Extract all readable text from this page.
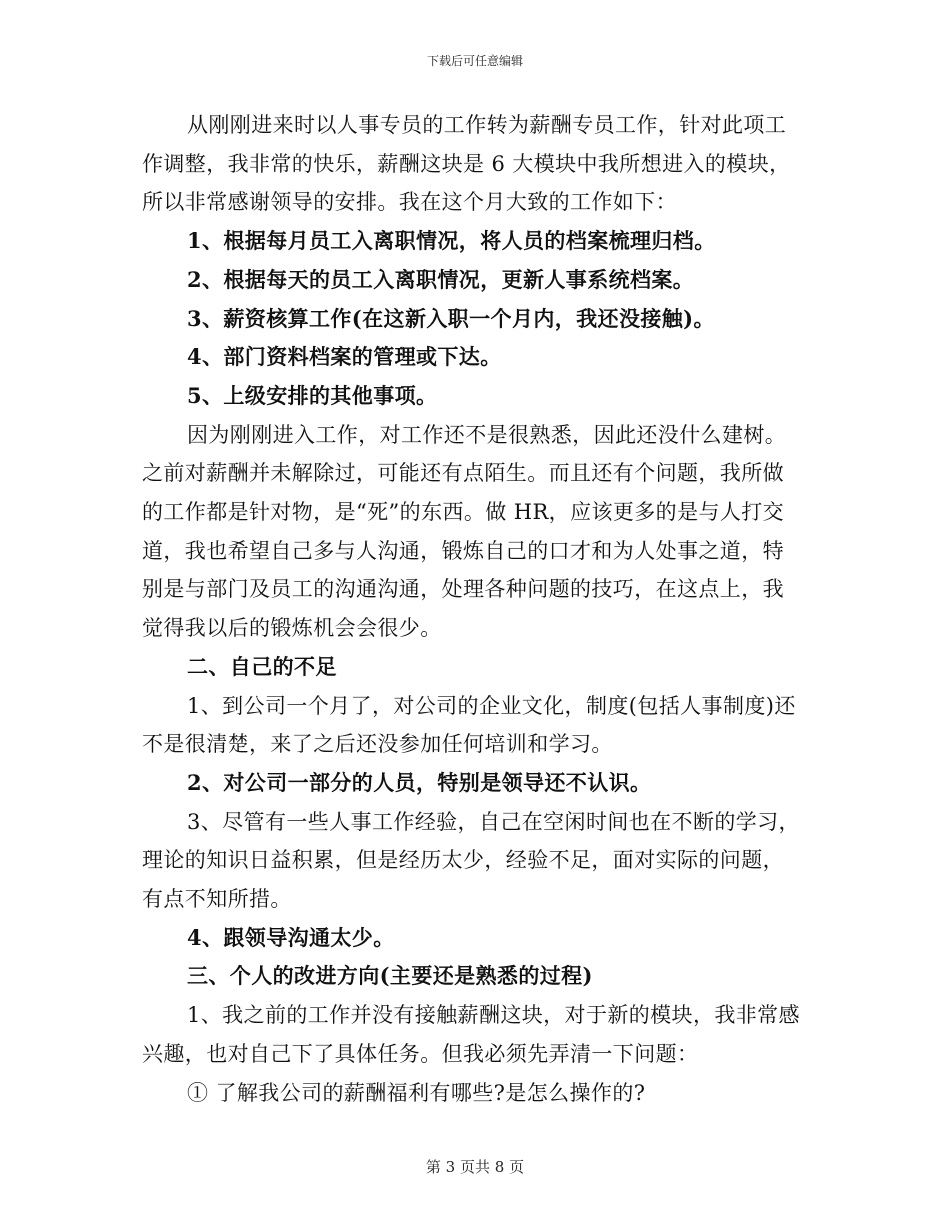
下载后可任意编辑
从刚刚进来时以人事专员的工作转为薪酬专员工作，针对此项工
作调整，我非常的快乐，薪酬这块是 6 大模块中我所想进入的模块，
所以非常感谢领导的安排。我在这个月大致的工作如下：
1、根据每月员工入离职情况，将人员的档案梳理归档。
2、根据每天的员工入离职情况，更新人事系统档案。
3、薪资核算工作(在这新入职一个月内，我还没接触)。
4、部门资料档案的管理或下达。
5、上级安排的其他事项。
因为刚刚进入工作，对工作还不是很熟悉，因此还没什么建树。
之前对薪酬并未解除过，可能还有点陌生。而且还有个问题，我所做
的工作都是针对物，是“死”的东西。做 HR，应该更多的是与人打交
道，我也希望自己多与人沟通，锻炼自己的口才和为人处事之道，特
别是与部门及员工的沟通沟通，处理各种问题的技巧，在这点上，我
觉得我以后的锻炼机会会很少。
二、自己的不足
1、到公司一个月了，对公司的企业文化，制度(包括人事制度)还
不是很清楚，来了之后还没参加任何培训和学习。
2、对公司一部分的人员，特别是领导还不认识。
3、尽管有一些人事工作经验，自己在空闲时间也在不断的学习，
理论的知识日益积累，但是经历太少，经验不足，面对实际的问题，
有点不知所措。
4、跟领导沟通太少。
三、个人的改进方向(主要还是熟悉的过程)
1、我之前的工作并没有接触薪酬这块，对于新的模块，我非常感
兴趣，也对自己下了具体任务。但我必须先弄清一下问题：
① 了解我公司的薪酬福利有哪些?是怎么操作的?
第 3 页共 8 页
